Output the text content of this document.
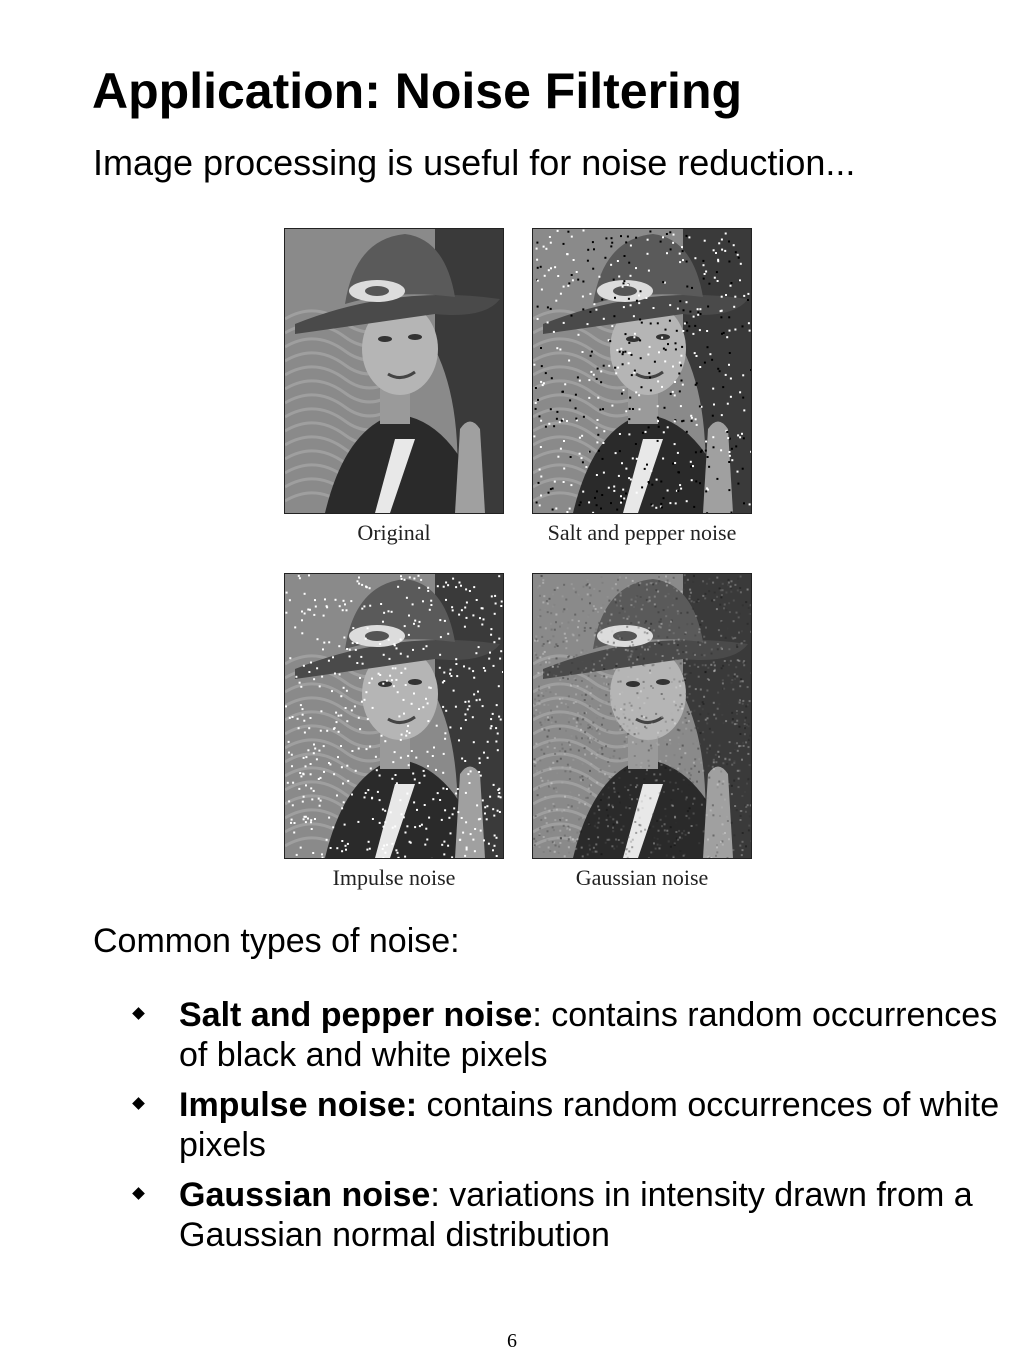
Application: Noise Filtering
Image processing is useful for noise reduction...
Original	Salt and pepper noise
Impulse noise	Gaussian noise
Common types of noise:
Salt and pepper noise: contains random occurrences of black and white pixels
Impulse noise: contains random occurrences of white pixels
Gaussian noise: variations in intensity drawn from a Gaussian normal distribution
6
